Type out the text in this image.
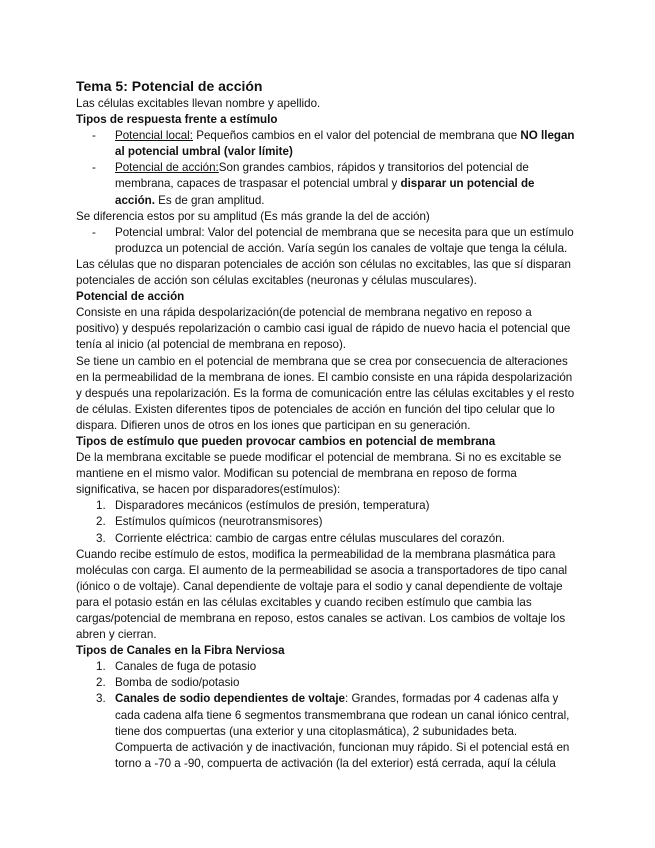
Tema 5: Potencial de acción

Las células excitables llevan nombre y apellido.

Tipos de respuesta frente a estímulo

- Potencial local: Pequeños cambios en el valor del potencial de membrana que NO llegan al potencial umbral (valor límite)
- Potencial de acción:Son grandes cambios, rápidos y transitorios del potencial de membrana, capaces de traspasar el potencial umbral y disparar un potencial de acción. Es de gran amplitud.

Se diferencia estos por su amplitud (Es más grande la del de acción)

- Potencial umbral: Valor del potencial de membrana que se necesita para que un estímulo produzca un potencial de acción. Varía según los canales de voltaje que tenga la célula.

Las células que no disparan potenciales de acción son células no excitables, las que sí disparan potenciales de acción son células excitables (neuronas y células musculares).

Potencial de acción

Consiste en una rápida despolarización(de potencial de membrana negativo en reposo a positivo) y después repolarización o cambio casi igual de rápido de nuevo hacia el potencial que tenía al inicio (al potencial de membrana en reposo).

Se tiene un cambio en el potencial de membrana que se crea por consecuencia de alteraciones en la permeabilidad de la membrana de iones. El cambio consiste en una rápida despolarización y después una repolarización. Es la forma de comunicación entre las células excitables y el resto de células. Existen diferentes tipos de potenciales de acción en función del tipo celular que lo dispara. Difieren unos de otros en los iones que participan en su generación.

Tipos de estímulo que pueden provocar cambios en potencial de membrana

De la membrana excitable se puede modificar el potencial de membrana. Si no es excitable se mantiene en el mismo valor. Modifican su potencial de membrana en reposo de forma significativa, se hacen por disparadores(estímulos):

1. Disparadores mecánicos (estímulos de presión, temperatura)
2. Estímulos químicos (neurotransmisores)
3. Corriente eléctrica: cambio de cargas entre células musculares del corazón.

Cuando recibe estímulo de estos, modifica la permeabilidad de la membrana plasmática para moléculas con carga. El aumento de la permeabilidad se asocia a transportadores de tipo canal (iónico o de voltaje). Canal dependiente de voltaje para el sodio y canal dependiente de voltaje para el potasio están en las células excitables y cuando reciben estímulo que cambia las cargas/potencial de membrana en reposo, estos canales se activan. Los cambios de voltaje los abren y cierran.

Tipos de Canales en la Fibra Nerviosa

1. Canales de fuga de potasio
2. Bomba de sodio/potasio
3. Canales de sodio dependientes de voltaje: Grandes, formadas por 4 cadenas alfa y cada cadena alfa tiene 6 segmentos transmembrana que rodean un canal iónico central, tiene dos compuertas (una exterior y una citoplasmática), 2 subunidades beta. Compuerta de activación y de inactivación, funcionan muy rápido. Si el potencial está en torno a -70 a -90, compuerta de activación (la del exterior) está cerrada, aquí la célula
